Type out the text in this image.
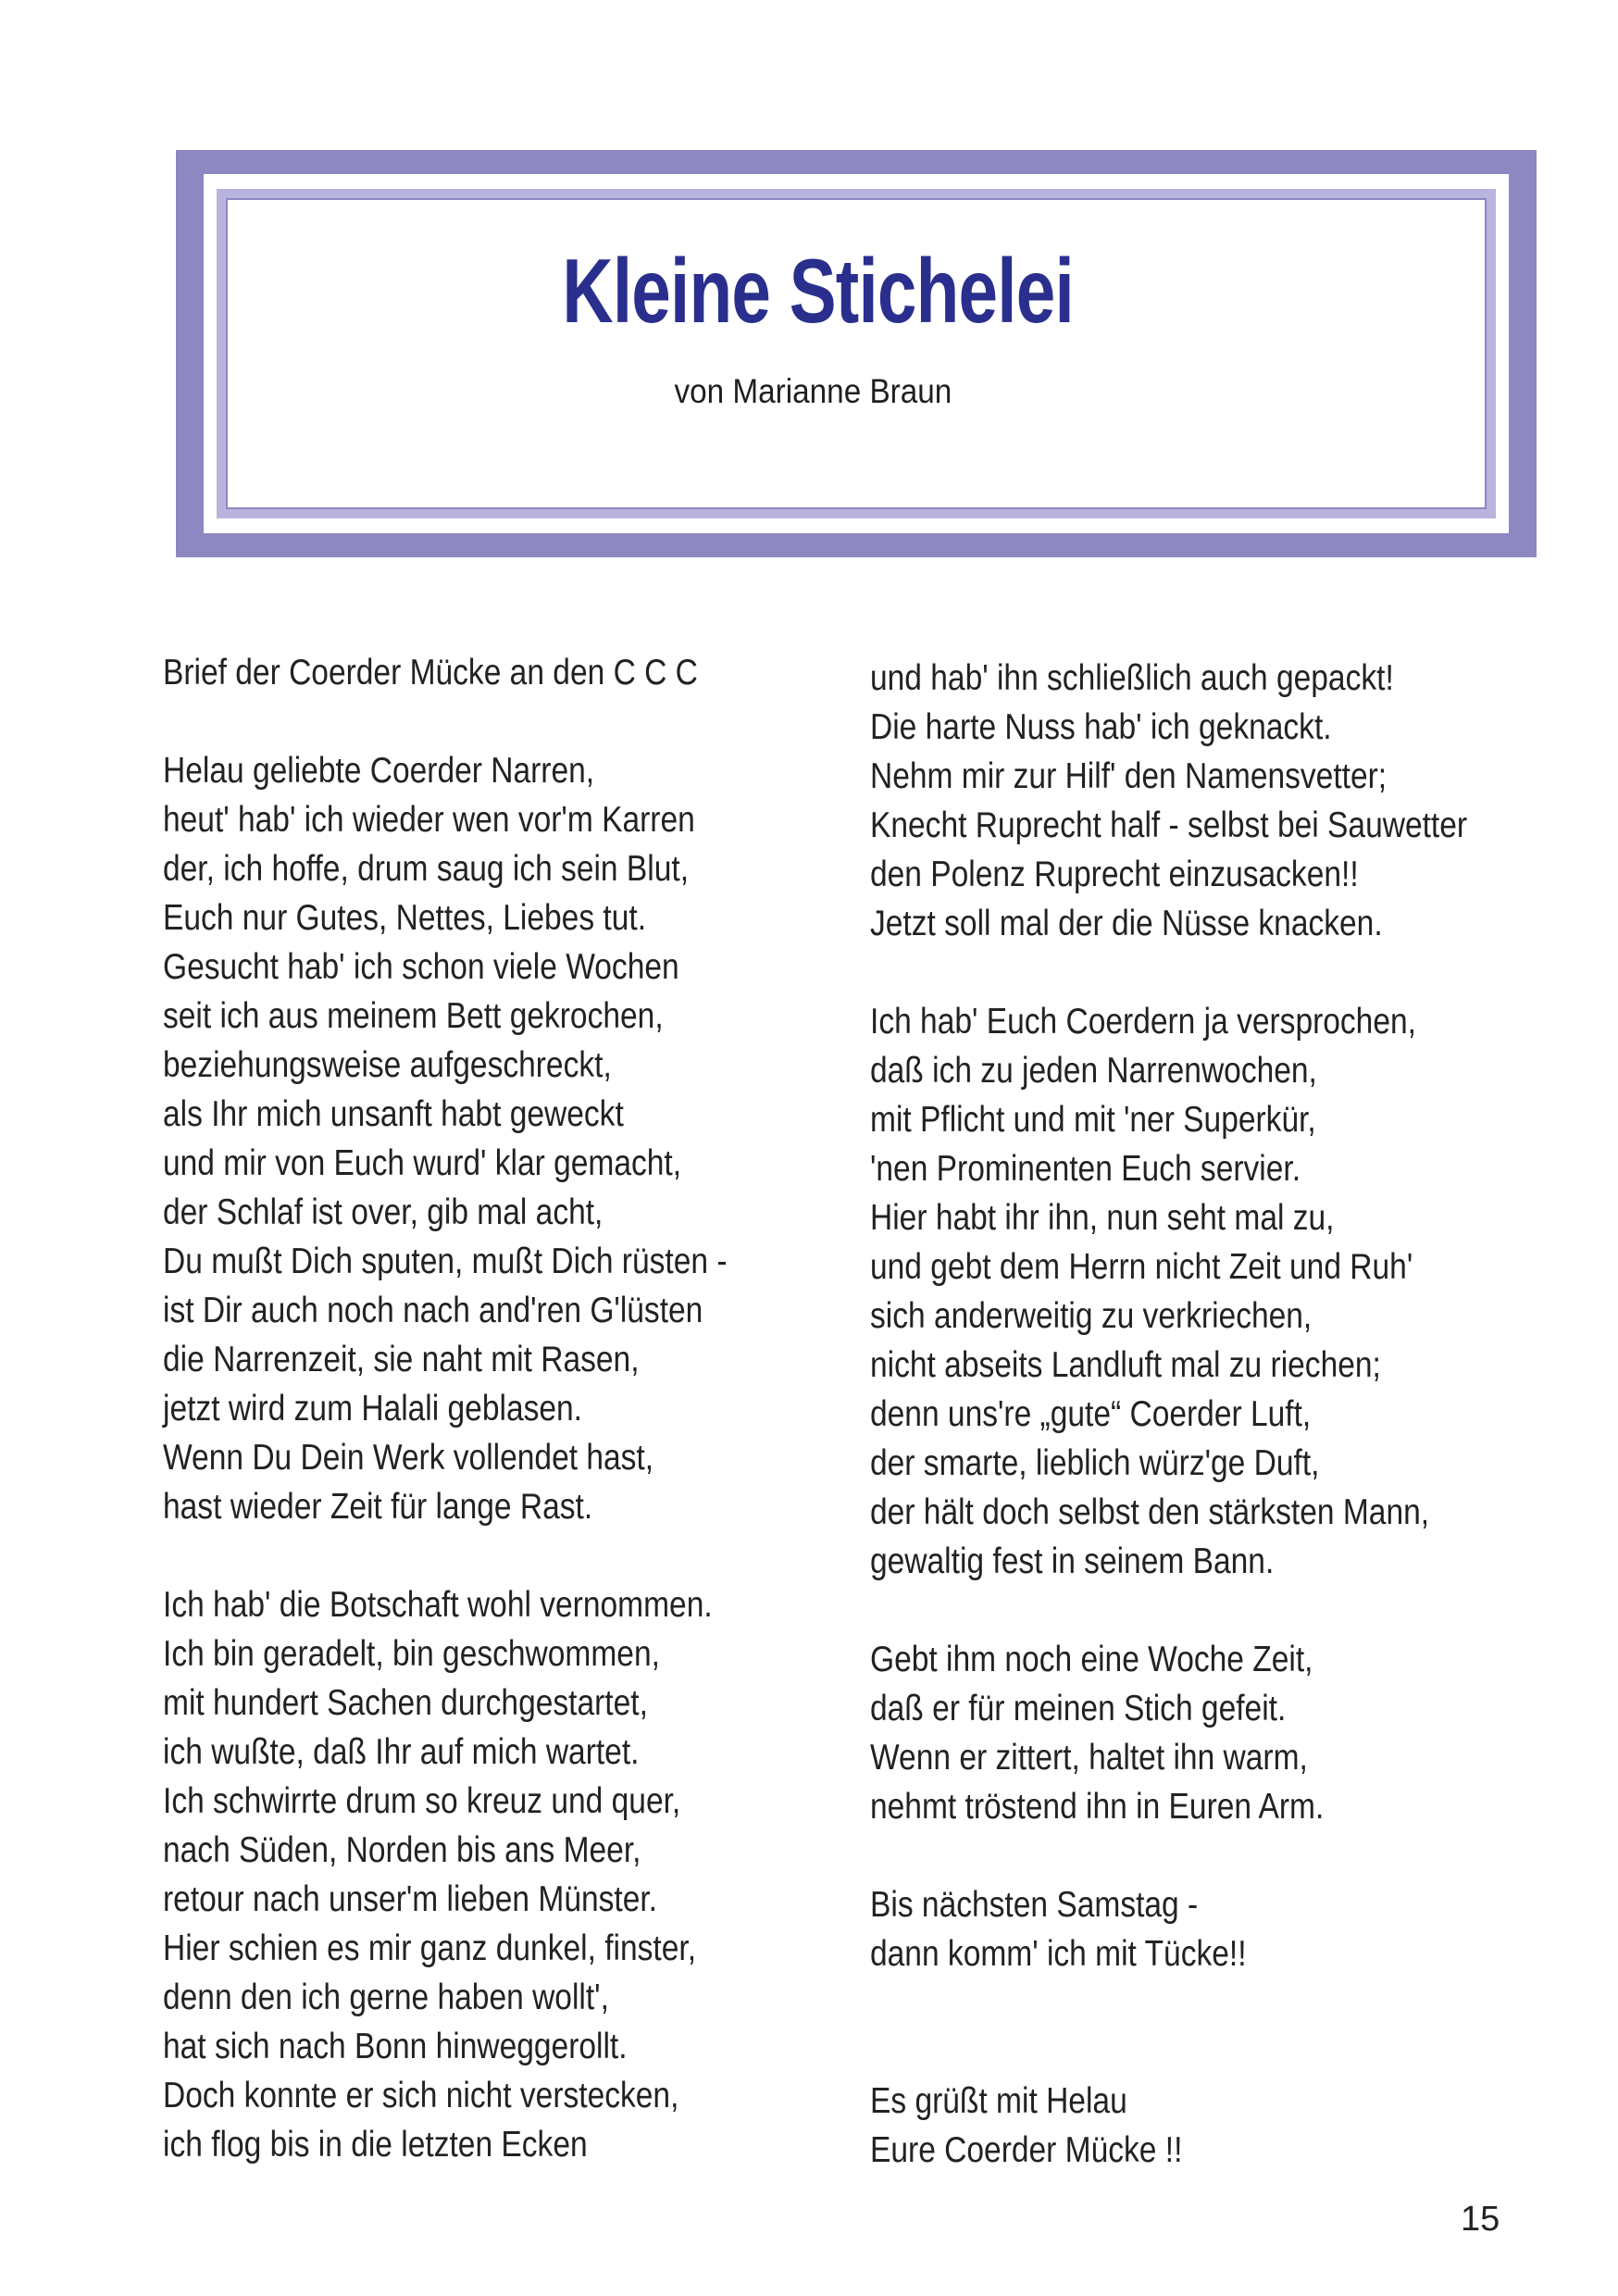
Kleine Stichelei
von Marianne Braun
Brief der Coerder Mücke an den C C C
Helau geliebte Coerder Narren,
heut' hab' ich wieder wen vor'm Karren
der, ich hoffe, drum saug ich sein Blut,
Euch nur Gutes, Nettes, Liebes tut.
Gesucht hab' ich schon viele Wochen
seit ich aus meinem Bett gekrochen,
beziehungsweise aufgeschreckt,
als Ihr mich unsanft habt geweckt
und mir von Euch wurd' klar gemacht,
der Schlaf ist over, gib mal acht,
Du mußt Dich sputen, mußt Dich rüsten -
ist Dir auch noch nach and'ren G'lüsten
die Narrenzeit, sie naht mit Rasen,
jetzt wird zum Halali geblasen.
Wenn Du Dein Werk vollendet hast,
hast wieder Zeit für lange Rast.
Ich hab' die Botschaft wohl vernommen.
Ich bin geradelt, bin geschwommen,
mit hundert Sachen durchgestartet,
ich wußte, daß Ihr auf mich wartet.
Ich schwirrte drum so kreuz und quer,
nach Süden, Norden bis ans Meer,
retour nach unser'm lieben Münster.
Hier schien es mir ganz dunkel, finster,
denn den ich gerne haben wollt',
hat sich nach Bonn hinweggerollt.
Doch konnte er sich nicht verstecken,
ich flog bis in die letzten Ecken
und hab' ihn schließlich auch gepackt!
Die harte Nuss hab' ich geknackt.
Nehm mir zur Hilf' den Namensvetter;
Knecht Ruprecht half - selbst bei Sauwetter
den Polenz Ruprecht einzusacken!!
Jetzt soll mal der die Nüsse knacken.
Ich hab' Euch Coerdern ja versprochen,
daß ich zu jeden Narrenwochen,
mit Pflicht und mit 'ner Superkür,
'nen Prominenten Euch servier.
Hier habt ihr ihn, nun seht mal zu,
und gebt dem Herrn nicht Zeit und Ruh'
sich anderweitig zu verkriechen,
nicht abseits Landluft mal zu riechen;
denn uns're „gute“ Coerder Luft,
der smarte, lieblich würz'ge Duft,
der hält doch selbst den stärksten Mann,
gewaltig fest in seinem Bann.
Gebt ihm noch eine Woche Zeit,
daß er für meinen Stich gefeit.
Wenn er zittert, haltet ihn warm,
nehmt tröstend ihn in Euren Arm.
Bis nächsten Samstag -
dann komm' ich mit Tücke!!
Es grüßt mit Helau
Eure Coerder Mücke !!
15
